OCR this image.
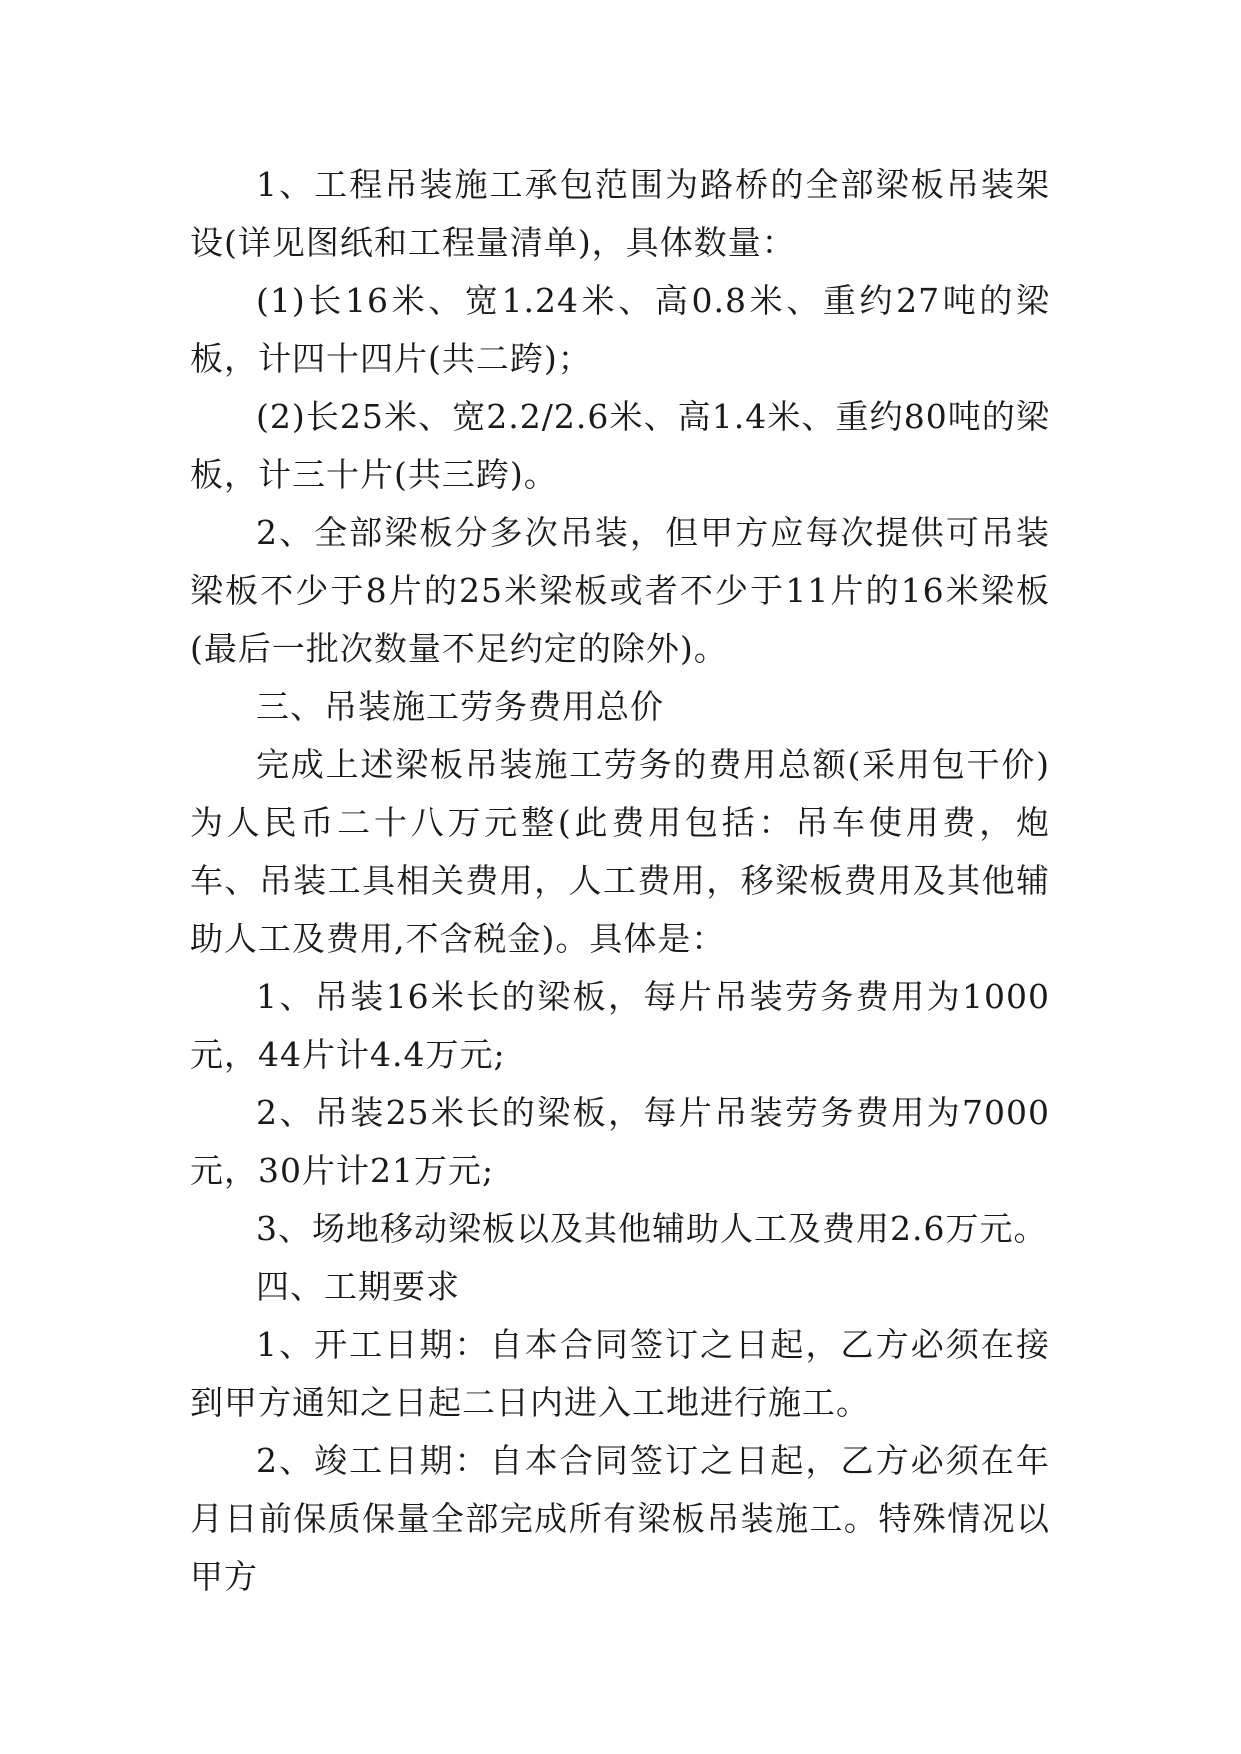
1、工程吊装施工承包范围为路桥的全部梁板吊装架设(详见图纸和工程量清单)，具体数量：

(1)长16米、宽1.24米、高0.8米、重约27吨的梁板，计四十四片(共二跨)；

(2)长25米、宽2.2/2.6米、高1.4米、重约80吨的梁板，计三十片(共三跨)。

2、全部梁板分多次吊装，但甲方应每次提供可吊装梁板不少于8片的25米梁板或者不少于11片的16米梁板(最后一批次数量不足约定的除外)。

三、吊装施工劳务费用总价

完成上述梁板吊装施工劳务的费用总额(采用包干价)为人民币二十八万元整(此费用包括：吊车使用费，炮车、吊装工具相关费用，人工费用，移梁板费用及其他辅助人工及费用,不含税金)。具体是：

1、吊装16米长的梁板，每片吊装劳务费用为1000元，44片计4.4万元;

2、吊装25米长的梁板，每片吊装劳务费用为7000元，30片计21万元;

3、场地移动梁板以及其他辅助人工及费用2.6万元。

四、工期要求

1、开工日期：自本合同签订之日起，乙方必须在接到甲方通知之日起二日内进入工地进行施工。

2、竣工日期：自本合同签订之日起，乙方必须在年月日前保质保量全部完成所有梁板吊装施工。特殊情况以甲方
